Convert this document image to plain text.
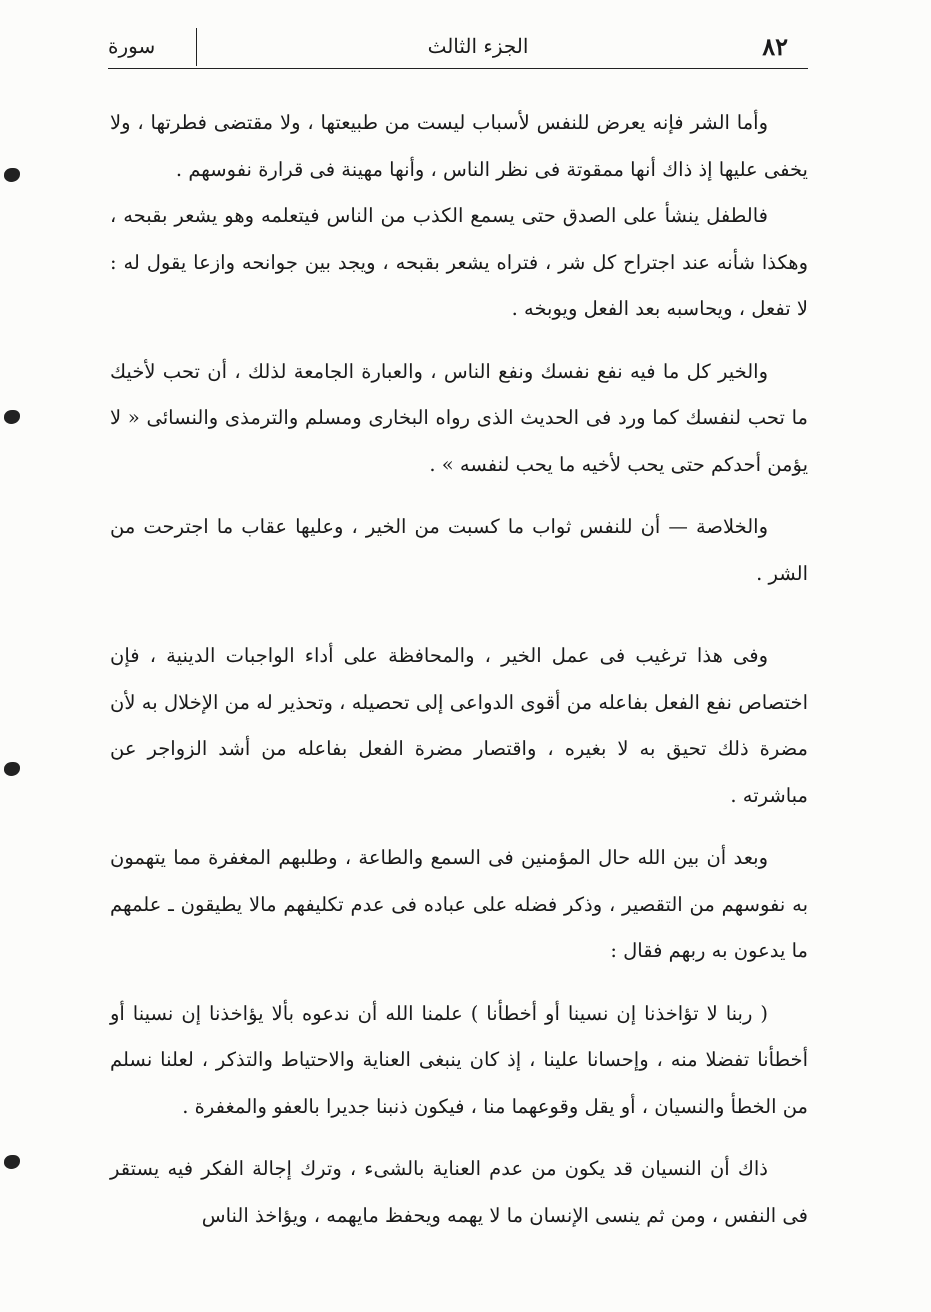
٨٢
الجزء الثالث
سورة

وأما الشر فإنه يعرض للنفس لأسباب ليست من طبيعتها ، ولا مقتضى فطرتها ، ولا يخفى عليها إذ ذاك أنها ممقوتة فى نظر الناس ، وأنها مهينة فى قرارة نفوسهم .

فالطفل ينشأ على الصدق حتى يسمع الكذب من الناس فيتعلمه وهو يشعر بقبحه ، وهكذا شأنه عند اجتراح كل شر ، فتراه يشعر بقبحه ، ويجد بين جوانحه وازعا يقول له : لا تفعل ، ويحاسبه بعد الفعل ويوبخه .

والخير كل ما فيه نفع نفسك ونفع الناس ، والعبارة الجامعة لذلك ، أن تحب لأخيك ما تحب لنفسك كما ورد فى الحديث الذى رواه البخارى ومسلم والترمذى والنسائى « لا يؤمن أحدكم حتى يحب لأخيه ما يحب لنفسه » .

والخلاصة — أن للنفس ثواب ما كسبت من الخير ، وعليها عقاب ما اجترحت من الشر .

وفى هذا ترغيب فى عمل الخير ، والمحافظة على أداء الواجبات الدينية ، فإن اختصاص نفع الفعل بفاعله من أقوى الدواعى إلى تحصيله ، وتحذير له من الإخلال به لأن مضرة ذلك تحيق به لا بغيره ، واقتصار مضرة الفعل بفاعله من أشد الزواجر عن مباشرته .

وبعد أن بين الله حال المؤمنين فى السمع والطاعة ، وطلبهم المغفرة مما يتهمون به نفوسهم من التقصير ، وذكر فضله على عباده فى عدم تكليفهم مالا يطيقون ـ علمهم ما يدعون به ربهم فقال :

( ربنا لا تؤاخذنا إن نسينا أو أخطأنا ) علمنا الله أن ندعوه بألا يؤاخذنا إن نسينا أو أخطأنا تفضلا منه ، وإحسانا علينا ، إذ كان ينبغى العناية والاحتياط والتذكر ، لعلنا نسلم من الخطأ والنسيان ، أو يقل وقوعهما منا ، فيكون ذنبنا جديرا بالعفو والمغفرة .

ذاك أن النسيان قد يكون من عدم العناية بالشىء ، وترك إجالة الفكر فيه يستقر فى النفس ، ومن ثم ينسى الإنسان ما لا يهمه ويحفظ مايهمه ، ويؤاخذ الناس
